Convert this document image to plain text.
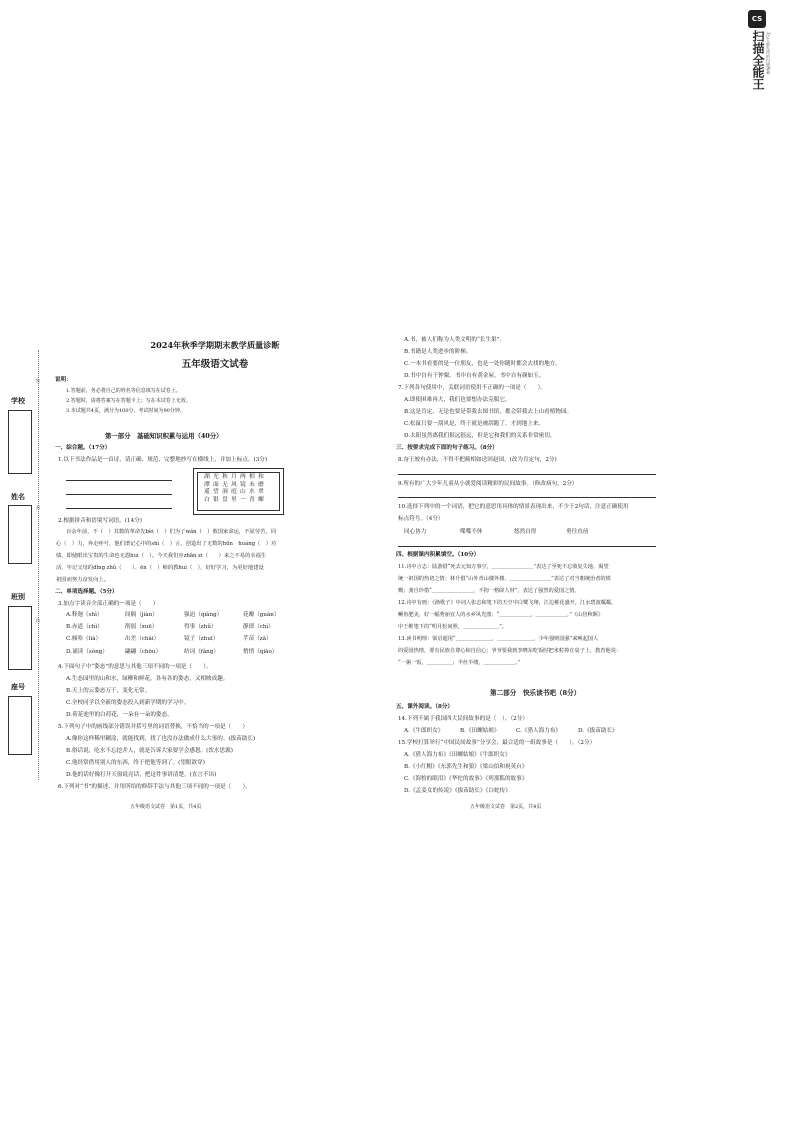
CS
扫描全能王 3亿人都在用的扫描App
学校
姓名
班别
座号
密
封
线
2024年秋季学期期末教学质量诊断
五年级语文试卷
说明：
1.答题前，务必将自己的姓名等信息填写在试卷上。
2.答题时，请将答案写在答题卡上；写在本试卷上无效。
3.本试题共4页，满分为100分，考试时间为90分钟。
第一部分　基础知识积累与运用（40分）
一、综合题。（17分）
1.以下书法作品是一首诗，请正确、规范、完整地抄写在横线上，并加上标点。(3分)
湖光秋月两相和
潭面无风镜未磨
遥望洞庭山水翠
白银盘里一青螺
2.根据拼音和语境写词语。(14分)
百余年前，不（　）其数的革命先bèi（　）们为了wán（　）救国家命运，不屈劳苦，同
心（　）力，奔走呼号，他们谱记心中的shì（　）言，创造出了无数的hūn　huáng（　）功
绩，即使眼出宝贵的生命也无怨hui（　）。今天我们应zhān zi（　　）来之不易的幸福生
活，牢记父母的dīng zhǔ（　　）、ēn（　）师的教huì（　），好好学习，为更好地建设
祖国而努力奋发向上。
二、单项选择题。（5分）
3.加点字读音全部正确的一项是（　　）
A.释迦（shì）	间隔（jiàn）	强迫（qiǎng）	花瓣（guǎn）
B.赤道（chì）	削弱（xuē）	得事（zhǔ）	静即（chì）
C.倾哈（lià）	出差（chāi）	镜子（zhuī）	芊苗（zā）
D.诵读（sòng）	翩翩（chōu）	纺词（fǎng）	悄悄（qiāo）
4.下面句子中“姿态”的意思与其他三项不同的一项是（　　）。
A.生态园里的山和水，绿柳和鲜花，各有各的姿态，又相映成趣。
B.天上的云姿态万千，变化无常。
C.全校同学以全新的姿态投入到新学期的学习中。
D.荷花池里的白荷花，一朵有一朵的姿态。
5.下列句子中的画线部分错误并括号里的词语替换，不恰当的一项是（　　）
A.像你这样稀里糊涂，就能找到，找了也没办法做成什么大事的。(拔苗助长)
B.俗话说，吃水不忘挖井人，就是告诉大家要学会感恩。(饮水思源)
C.他经常借用别人的东西，终于把他等到了。(望眼欲穿)
D.他的话好像打开天窗说亮话，把这件事讲清楚。(直言不讳)
6.下列对“书”的描述，并用所给的修辞手法与其他三项不同的一项是（　　）。
五年级语文试卷　第1页，共4页
A.书，被人们称为人类文明的“长生果”。
B.书籍是人类进步的阶梯。
C.一本书看要的是一位朋友，也是一处你随时都会去找的地方。
D.书中自有千钟粟，书中自有黄金屋，书中自有颜如玉。
7.下列各句使用中，关联词语使用不正确的一项是（　　）。
A.即使困难再大，我们也要想办法克服它。
B.这是肯定，无论也要是带我去图书馆，都会带我去上山看植物园。
C.松鼠只要一刮风是，终于就是被刮跑了，才到地上来。
D.太阳虽然离我们很远很远，但是它和我们的关系非常密切。
三、按要求完成下面的句子练习。（8分）
8.奋王皎有办法，不得不把蔺相如送回赵国。(改为肯定句，2分)
9.所有的广大少年儿童从小就爱阅读精彩的民间故事。（修改病句，2分）
10.选择下列中的一个词语，把它的意思用具体的情景表现出来，不少于2句话，注意正确使用
标点符号。（4分）
同心协力	喋喋不休	悠然自得	勇往直前
四、根据课内积累填空。（10分）
11.诗中言志：陆游借“死去元知万事空，＿＿＿＿＿＿＿＿”表达了至死不忘收复失地、渴望
统一祖国的热切之情；林升借“山外青山楼外楼，＿＿＿＿＿＿＿＿”表达了对当朝统治者的愤
慨；龚自珍借“＿＿＿＿＿＿＿＿，不拘一格降人材”，表达了强烈的爱国之情。
12.诗中有画：《渔歌子》中词人张志和笔下的天空中白鹭飞翔，江边桃花盛开，江水碧波粼粼，
鳜鱼肥美，好一幅秀丽宜人的水乡风光图；“＿＿＿＿＿＿，＿＿＿＿＿＿。”《山居秋暝》
中王维笔下的“明月松间照，＿＿＿＿＿＿＿”。
13.读书明理：梁启超用“＿＿＿＿＿＿＿，＿＿＿＿＿＿＿，少年强则国强”来唤起国人
的爱国热情，要有民族自尊心和自信心；爷爷要我到李晓东吃饭时把米粒掉在桌子上，教育他说：
“一粥一饭，＿＿＿＿＿；半丝半缕，＿＿＿＿＿＿。”
第二部分　快乐读书吧（8分）
五、课外阅读。（8分）
14.下列不属于我国四大民间故事的是（　）。（2分）
A.《牛郎织女》	B.《田螺姑娘》	C.《猎人海力布》	D.《拔苗助长》
15.学校打算举行“中国民间故事”分享会，最合适的一组故事是（　　）。（2分）
A.《猎人海力布》《田螺姑娘》《牛郎织女》
B.《小红帽》《东郭先生和狼》《梁山伯和祝英台》
C.《海豹的眼泪》《华佗的故事》《列那狐的故事》
D.《孟姜女的传说》《拔苗助长》《白蛇传》
五年级语文试卷　第2页，共4页
